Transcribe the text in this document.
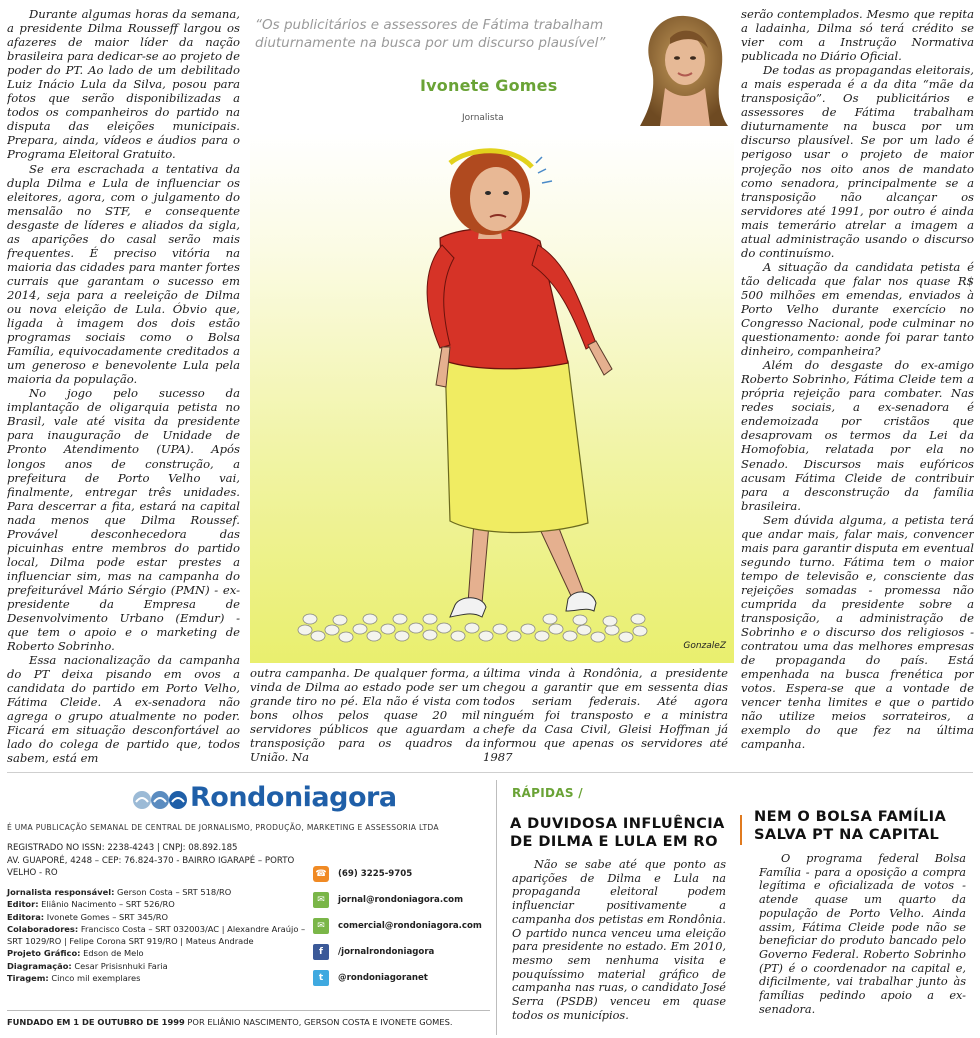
Durante algumas horas da semana, a presidente Dilma Rousseff largou os afazeres de maior líder da nação brasileira para dedicar-se ao projeto de poder do PT. Ao lado de um debilitado Luiz Inácio Lula da Silva, posou para fotos que serão disponibilizadas a todos os companheiros do partido na disputa das eleições municipais. Prepara, ainda, vídeos e áudios para o Programa Eleitoral Gratuito.

Se era escrachada a tentativa da dupla Dilma e Lula de influenciar os eleitores, agora, com o julgamento do mensalão no STF, e consequente desgaste de líderes e aliados da sigla, as aparições do casal serão mais frequentes. É preciso vitória na maioria das cidades para manter fortes currais que garantam o sucesso em 2014, seja para a reeleição de Dilma ou nova eleição de Lula. Óbvio que, ligada à imagem dos dois estão programas sociais como o Bolsa Família, equivocadamente creditados a um generoso e benevolente Lula pela maioria da população.

No jogo pelo sucesso da implantação de oligarquia petista no Brasil, vale até visita da presidente para inauguração de Unidade de Pronto Atendimento (UPA). Após longos anos de construção, a prefeitura de Porto Velho vai, finalmente, entregar três unidades. Para descerrar a fita, estará na capital nada menos que Dilma Roussef. Provável desconhecedora das picuinhas entre membros do partido local, Dilma pode estar prestes a influenciar sim, mas na campanha do prefeiturável Mário Sérgio (PMN) - ex-presidente da Empresa de Desenvolvimento Urbano (Emdur) - que tem o apoio e o marketing de Roberto Sobrinho.

Essa nacionalização da campanha do PT deixa pisando em ovos a candidata do partido em Porto Velho, Fátima Cleide. A ex-senadora não agrega o grupo atualmente no poder. Ficará em situação desconfortável ao lado do colega de partido que, todos sabem, está em

“Os publicitários e assessores de Fátima trabalham diuturnamente na busca por um discurso plausível”
Ivonete Gomes
Jornalista
GonzaleZ

outra campanha. De qualquer forma, a vinda de Dilma ao estado pode ser um grande tiro no pé. Ela não é vista com bons olhos pelos quase 20 mil servidores públicos que aguardam a transposição para os quadros da União. Na

última vinda à Rondônia, a presidente chegou a garantir que em sessenta dias todos seriam federais. Até agora ninguém foi transposto e a ministra chefe da Casa Civil, Gleisi Hoffman já informou que apenas os servidores até 1987

serão contemplados. Mesmo que repita a ladainha, Dilma só terá crédito se vier com a Instrução Normativa publicada no Diário Oficial.

De todas as propagandas eleitorais, a mais esperada é a da dita “mãe da transposição”. Os publicitários e assessores de Fátima trabalham diuturnamente na busca por um discurso plausível. Se por um lado é perigoso usar o projeto de maior projeção nos oito anos de mandato como senadora, principalmente se a transposição não alcançar os servidores até 1991, por outro é ainda mais temerário atrelar a imagem a atual administração usando o discurso do continuísmo.

A situação da candidata petista é tão delicada que falar nos quase R$ 500 milhões em emendas, enviados à Porto Velho durante exercício no Congresso Nacional, pode culminar no questionamento: aonde foi parar tanto dinheiro, companheira?

Além do desgaste do ex-amigo Roberto Sobrinho, Fátima Cleide tem a própria rejeição para combater. Nas redes sociais, a ex-senadora é endemoizada por cristãos que desaprovam os termos da Lei da Homofobia, relatada por ela no Senado. Discursos mais eufóricos acusam Fátima Cleide de contribuir para a desconstrução da família brasileira.

Sem dúvida alguma, a petista terá que andar mais, falar mais, convencer mais para garantir disputa em eventual segundo turno. Fátima tem o maior tempo de televisão e, consciente das rejeições somadas - promessa não cumprida da presidente sobre a transposição, a administração de Sobrinho e o discurso dos religiosos - contratou uma das melhores empresas de propaganda do país. Está empenhada na busca frenética por votos. Espera-se que a vontade de vencer tenha limites e que o partido não utilize meios sorrateiros, a exemplo do que fez na última campanha.

Rondoniagora
É UMA PUBLICAÇÃO SEMANAL DE CENTRAL DE JORNALISMO, PRODUÇÃO, MARKETING E ASSESSORIA LTDA
REGISTRADO NO ISSN: 2238-4243 | CNPJ: 08.892.185
AV. GUAPORÉ, 4248 – CEP: 76.824-370 - BAIRRO IGARAPÉ – PORTO VELHO - RO
Jornalista responsável: Gerson Costa – SRT 518/RO
Editor: Eliânio Nacimento – SRT 526/RO
Editora: Ivonete Gomes – SRT 345/RO
Colaboradores: Francisco Costa – SRT 032003/AC | Alexandre Araújo – SRT 1029/RO | Felipe Corona SRT 919/RO | Mateus Andrade
Projeto Gráfico: Edson de Melo
Diagramação: Cesar Prisisnhuki Faria
Tiragem: Cinco mil exemplares
☎ (69) 3225-9705
✉	jornal@rondoniagora.com
✉	comercial@rondoniagora.com
f	/jornalrondoniagora
t	@rondoniagoranet
FUNDADO EM 1 DE OUTUBRO DE 1999 POR ELIÂNIO NASCIMENTO, GERSON COSTA E IVONETE GOMES.
RÁPIDAS /
A DUVIDOSA INFLUÊNCIA DE DILMA E LULA EM RO

Não se sabe até que ponto as aparições de Dilma e Lula na propaganda eleitoral podem influenciar positivamente a campanha dos petistas em Rondônia. O partido nunca venceu uma eleição para presidente no estado. Em 2010, mesmo sem nenhuma visita e pouquíssimo material gráfico de campanha nas ruas, o candidato José Serra (PSDB) venceu em quase todos os municípios.

NEM O BOLSA FAMÍLIA SALVA PT NA CAPITAL

O programa federal Bolsa Família - para a oposição a compra legítima e oficializada de votos - atende quase um quarto da população de Porto Velho. Ainda assim, Fátima Cleide pode não se beneficiar do produto bancado pelo Governo Federal. Roberto Sobrinho (PT) é o coordenador na capital e, dificilmente, vai trabalhar junto às famílias pedindo apoio a ex-senadora.
